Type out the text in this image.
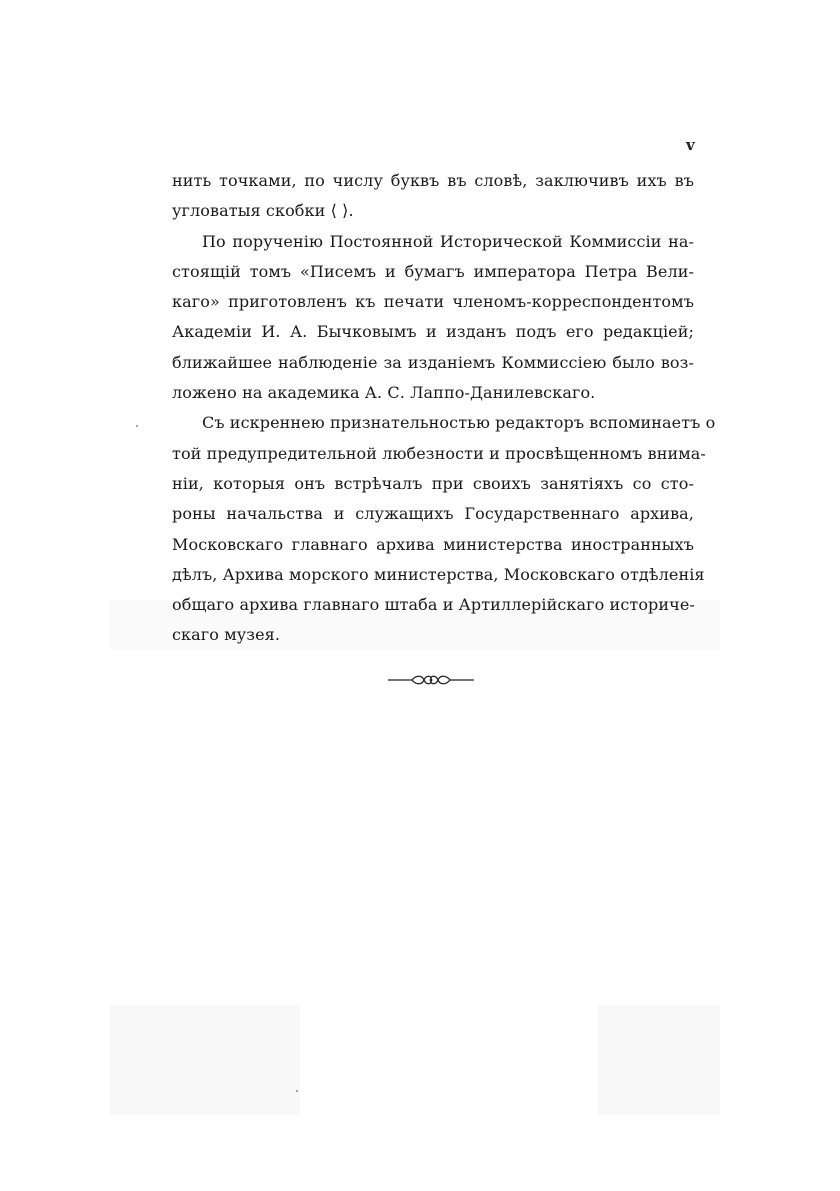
v
нить точками, по числу буквъ въ словѣ, заключивъ ихъ въ
угловатыя скобки ⟨ ⟩.
По порученію Постоянной Исторической Коммиссіи на-
стоящій томъ «Писемъ и бумагъ императора Петра Вели-
каго» приготовленъ къ печати членомъ-корреспондентомъ
Академіи И. А. Бычковымъ и изданъ подъ его редакціей;
ближайшее наблюденіе за изданіемъ Коммиссіею было воз-
ложено на академика А. С. Лаппо-Данилевскаго.
Съ искреннею признательностью редакторъ вспоминаетъ о
той предупредительной любезности и просвѣщенномъ внима-
ніи, которыя онъ встрѣчалъ при своихъ занятіяхъ со сто-
роны начальства и служащихъ Государственнаго архива,
Московскаго главнаго архива министерства иностранныхъ
дѣлъ, Архива морского министерства, Московскаго отдѣленія
общаго архива главнаго штаба и Артиллерійскаго историче-
скаго музея.
